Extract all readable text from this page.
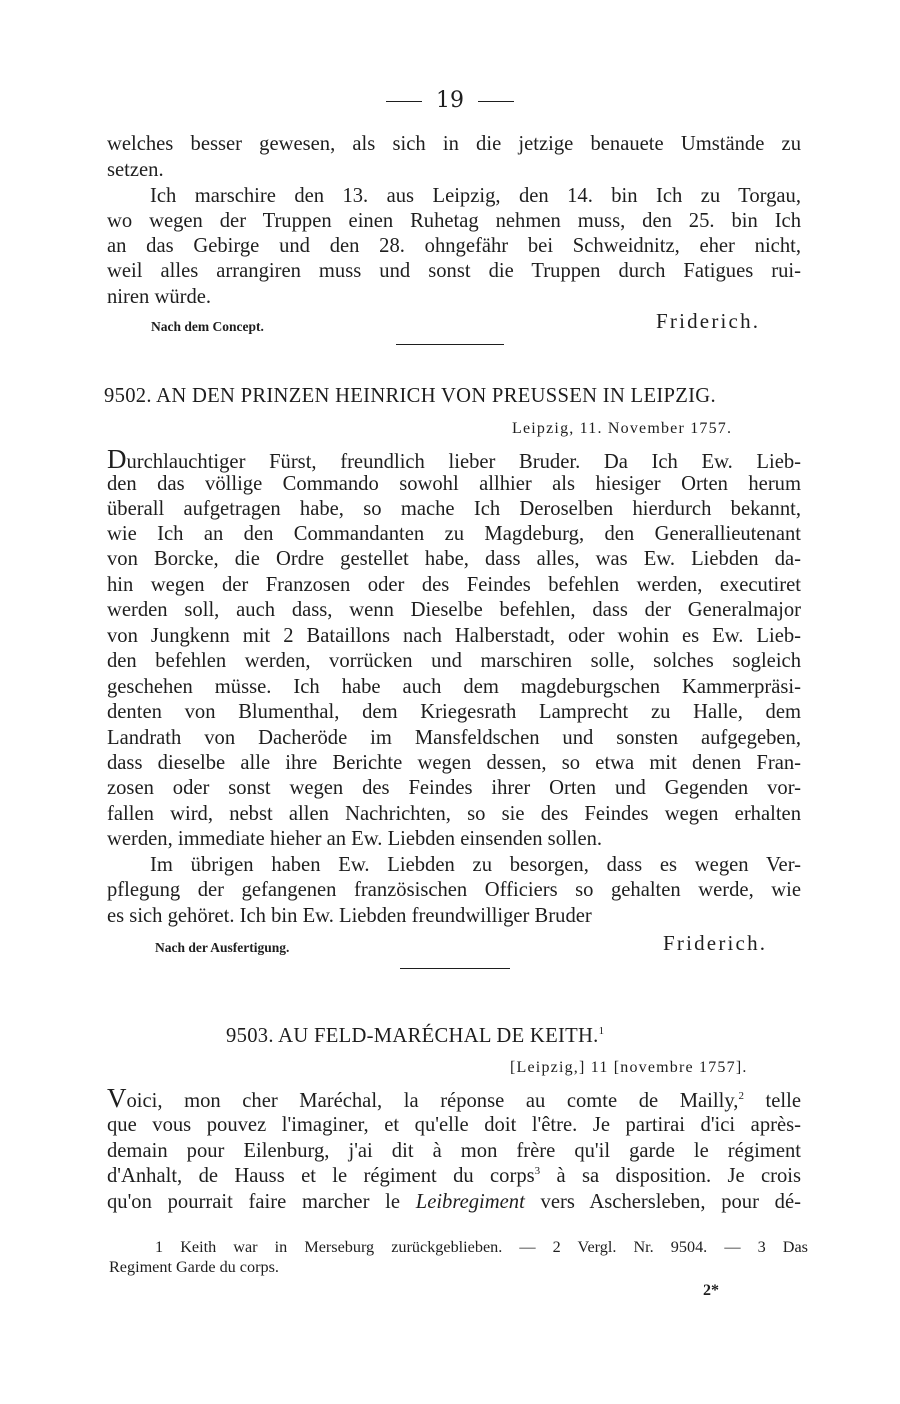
19
welches besser gewesen, als sich in die jetzige benauete Umstände zu
setzen.
Ich marschire den 13. aus Leipzig, den 14. bin Ich zu Torgau,
wo wegen der Truppen einen Ruhetag nehmen muss, den 25. bin Ich
an das Gebirge und den 28. ohngefähr bei Schweidnitz, eher nicht,
weil alles arrangiren muss und sonst die Truppen durch Fatigues rui-
niren würde.
Nach dem Concept.	Friderich.
9502. AN DEN PRINZEN HEINRICH VON PREUSSEN IN LEIPZIG.
Leipzig, 11. November 1757.
Durchlauchtiger Fürst, freundlich lieber Bruder. Da Ich Ew. Lieb-
den das völlige Commando sowohl allhier als hiesiger Orten herum
überall aufgetragen habe, so mache Ich Deroselben hierdurch bekannt,
wie Ich an den Commandanten zu Magdeburg, den Generallieutenant
von Borcke, die Ordre gestellet habe, dass alles, was Ew. Liebden da-
hin wegen der Franzosen oder des Feindes befehlen werden, executiret
werden soll, auch dass, wenn Dieselbe befehlen, dass der Generalmajor
von Jungkenn mit 2 Bataillons nach Halberstadt, oder wohin es Ew. Lieb-
den befehlen werden, vorrücken und marschiren solle, solches sogleich
geschehen müsse. Ich habe auch dem magdeburgschen Kammerpräsi-
denten von Blumenthal, dem Kriegesrath Lamprecht zu Halle, dem
Landrath von Dacheröde im Mansfeldschen und sonsten aufgegeben,
dass dieselbe alle ihre Berichte wegen dessen, so etwa mit denen Fran-
zosen oder sonst wegen des Feindes ihrer Orten und Gegenden vor-
fallen wird, nebst allen Nachrichten, so sie des Feindes wegen erhalten
werden, immediate hieher an Ew. Liebden einsenden sollen.
Im übrigen haben Ew. Liebden zu besorgen, dass es wegen Ver-
pflegung der gefangenen französischen Officiers so gehalten werde, wie
es sich gehöret. Ich bin Ew. Liebden freundwilliger Bruder
Nach der Ausfertigung.	Friderich.
9503. AU FELD-MARÉCHAL DE KEITH.$^1$
[Leipzig,] 11 [novembre 1757].
Voici, mon cher Maréchal, la réponse au comte de Mailly,$^2$ telle
que vous pouvez l'imaginer, et qu'elle doit l'être. Je partirai d'ici après-
demain pour Eilenburg, j'ai dit à mon frère qu'il garde le régiment
d'Anhalt, de Hauss et le régiment du corps$^3$ à sa disposition. Je crois
qu'on pourrait faire marcher le Leibregiment vers Aschersleben, pour dé-
1 Keith war in Merseburg zurückgeblieben. — 2 Vergl. Nr. 9504. — 3 Das
Regiment Garde du corps.
2*
